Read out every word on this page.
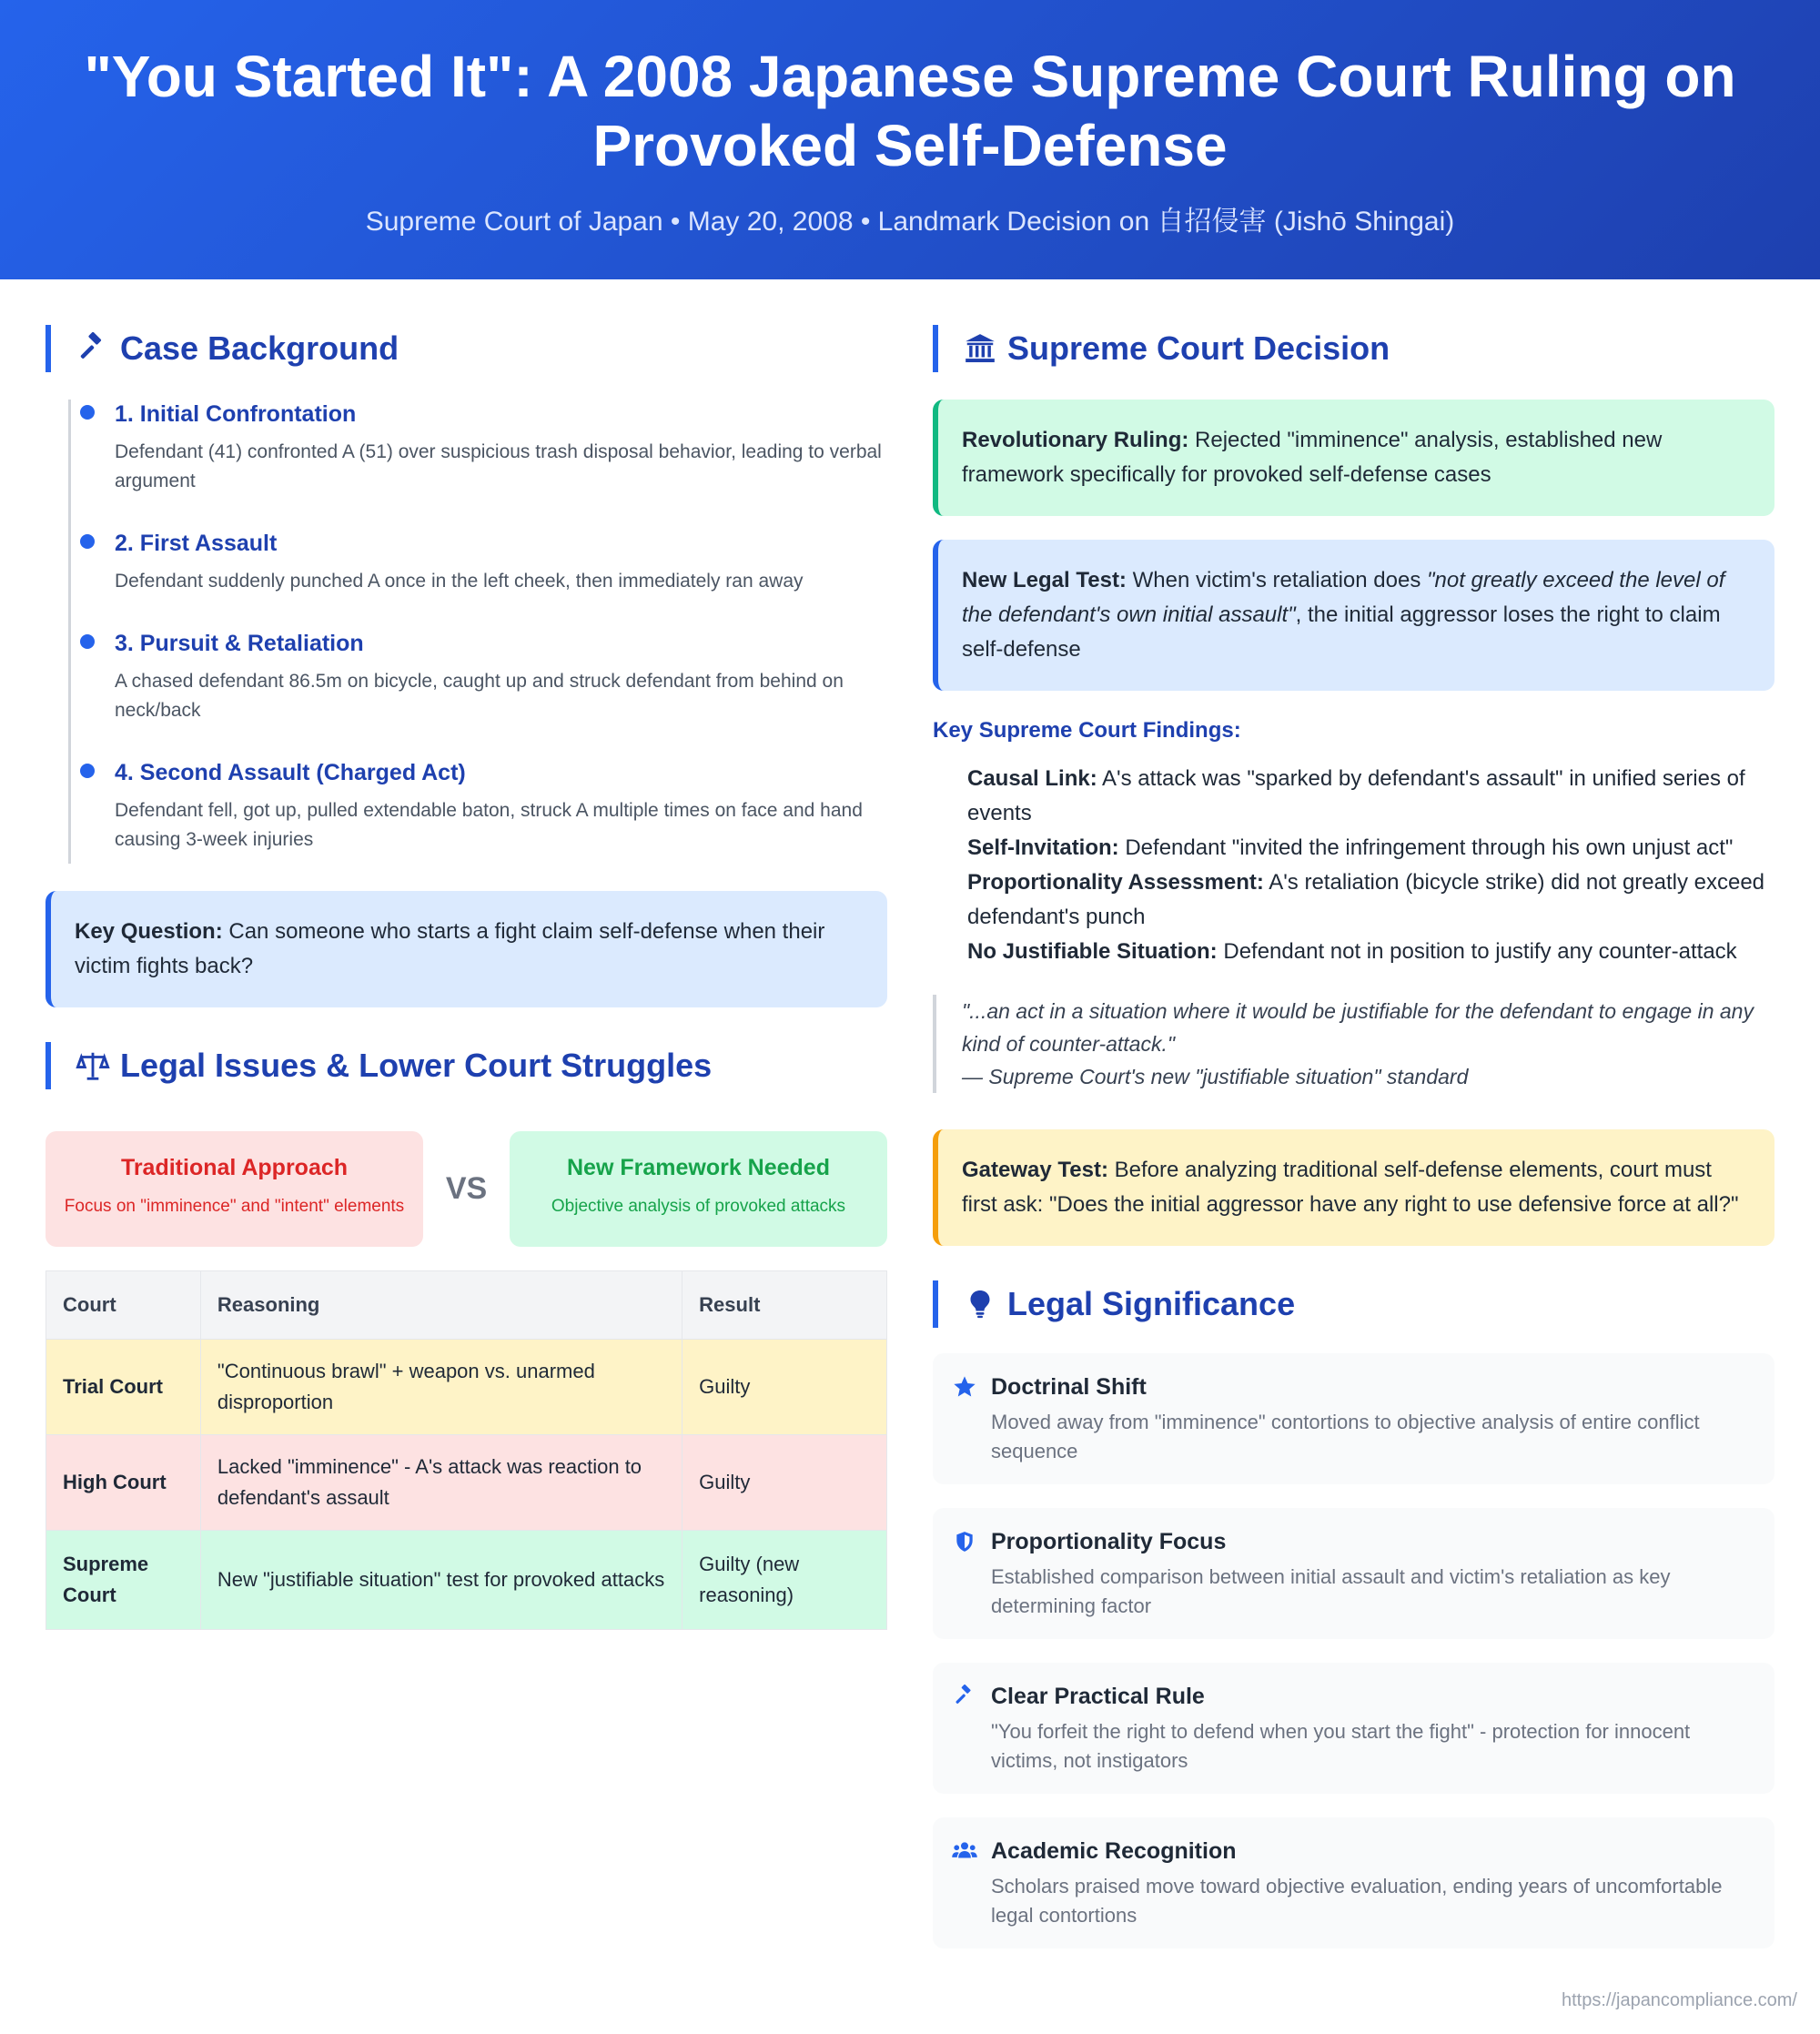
"You Started It": A 2008 Japanese Supreme Court Ruling on Provoked Self-Defense
Supreme Court of Japan • May 20, 2008 • Landmark Decision on 自招侵害 (Jishō Shingai)
Case Background
1. Initial Confrontation
Defendant (41) confronted A (51) over suspicious trash disposal behavior, leading to verbal argument
2. First Assault
Defendant suddenly punched A once in the left cheek, then immediately ran away
3. Pursuit & Retaliation
A chased defendant 86.5m on bicycle, caught up and struck defendant from behind on neck/back
4. Second Assault (Charged Act)
Defendant fell, got up, pulled extendable baton, struck A multiple times on face and hand causing 3-week injuries
Key Question: Can someone who starts a fight claim self-defense when their victim fights back?
Legal Issues & Lower Court Struggles
Traditional Approach
Focus on "imminence" and "intent" elements
VS
New Framework Needed
Objective analysis of provoked attacks
Court	Reasoning	Result
Trial Court	"Continuous brawl" + weapon vs. unarmed disproportion	Guilty
High Court	Lacked "imminence" - A's attack was reaction to defendant's assault	Guilty
Supreme Court	New "justifiable situation" test for provoked attacks	Guilty (new reasoning)
Supreme Court Decision
Revolutionary Ruling: Rejected "imminence" analysis, established new framework specifically for provoked self-defense cases
New Legal Test: When victim's retaliation does "not greatly exceed the level of the defendant's own initial assault", the initial aggressor loses the right to claim self-defense
Key Supreme Court Findings:
Causal Link: A's attack was "sparked by defendant's assault" in unified series of events
Self-Invitation: Defendant "invited the infringement through his own unjust act"
Proportionality Assessment: A's retaliation (bicycle strike) did not greatly exceed defendant's punch
No Justifiable Situation: Defendant not in position to justify any counter-attack
"...an act in a situation where it would be justifiable for the defendant to engage in any kind of counter-attack."
— Supreme Court's new "justifiable situation" standard
Gateway Test: Before analyzing traditional self-defense elements, court must first ask: "Does the initial aggressor have any right to use defensive force at all?"
Legal Significance
Doctrinal Shift
Moved away from "imminence" contortions to objective analysis of entire conflict sequence
Proportionality Focus
Established comparison between initial assault and victim's retaliation as key determining factor
Clear Practical Rule
"You forfeit the right to defend when you start the fight" - protection for innocent victims, not instigators
Academic Recognition
Scholars praised move toward objective evaluation, ending years of uncomfortable legal contortions
https://japancompliance.com/
